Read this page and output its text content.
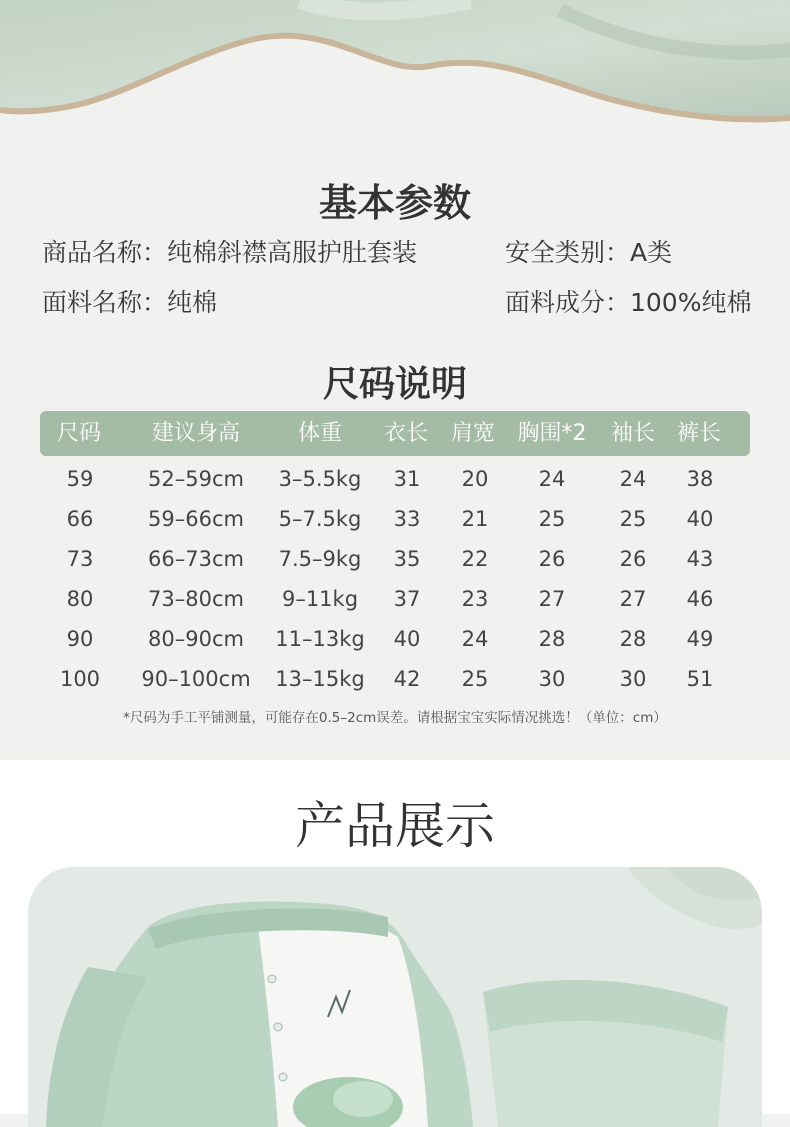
基本参数
商品名称：纯棉斜襟高服护肚套装	安全类别：A类
面料名称：纯棉	面料成分：100%纯棉
尺码说明
尺码 建议身高	体重 衣长 肩宽 胸围*2 袖长 裤长
59	52–59cm 3–5.5kg 31 20 24	24 38
66	59–66cm 5–7.5kg 33 21 25	25 40
73	66–73cm 7.5–9kg 35 22 26	26 43
80	73–80cm 9–11kg 37 23 27	27 46
90	80–90cm 11–13kg 40 24 28	28 49
100 90–100cm 13–15kg 42 25 30	30 51
*尺码为手工平铺测量，可能存在0.5–2cm误差。请根据宝宝实际情况挑选！（单位：cm）
产品展示
